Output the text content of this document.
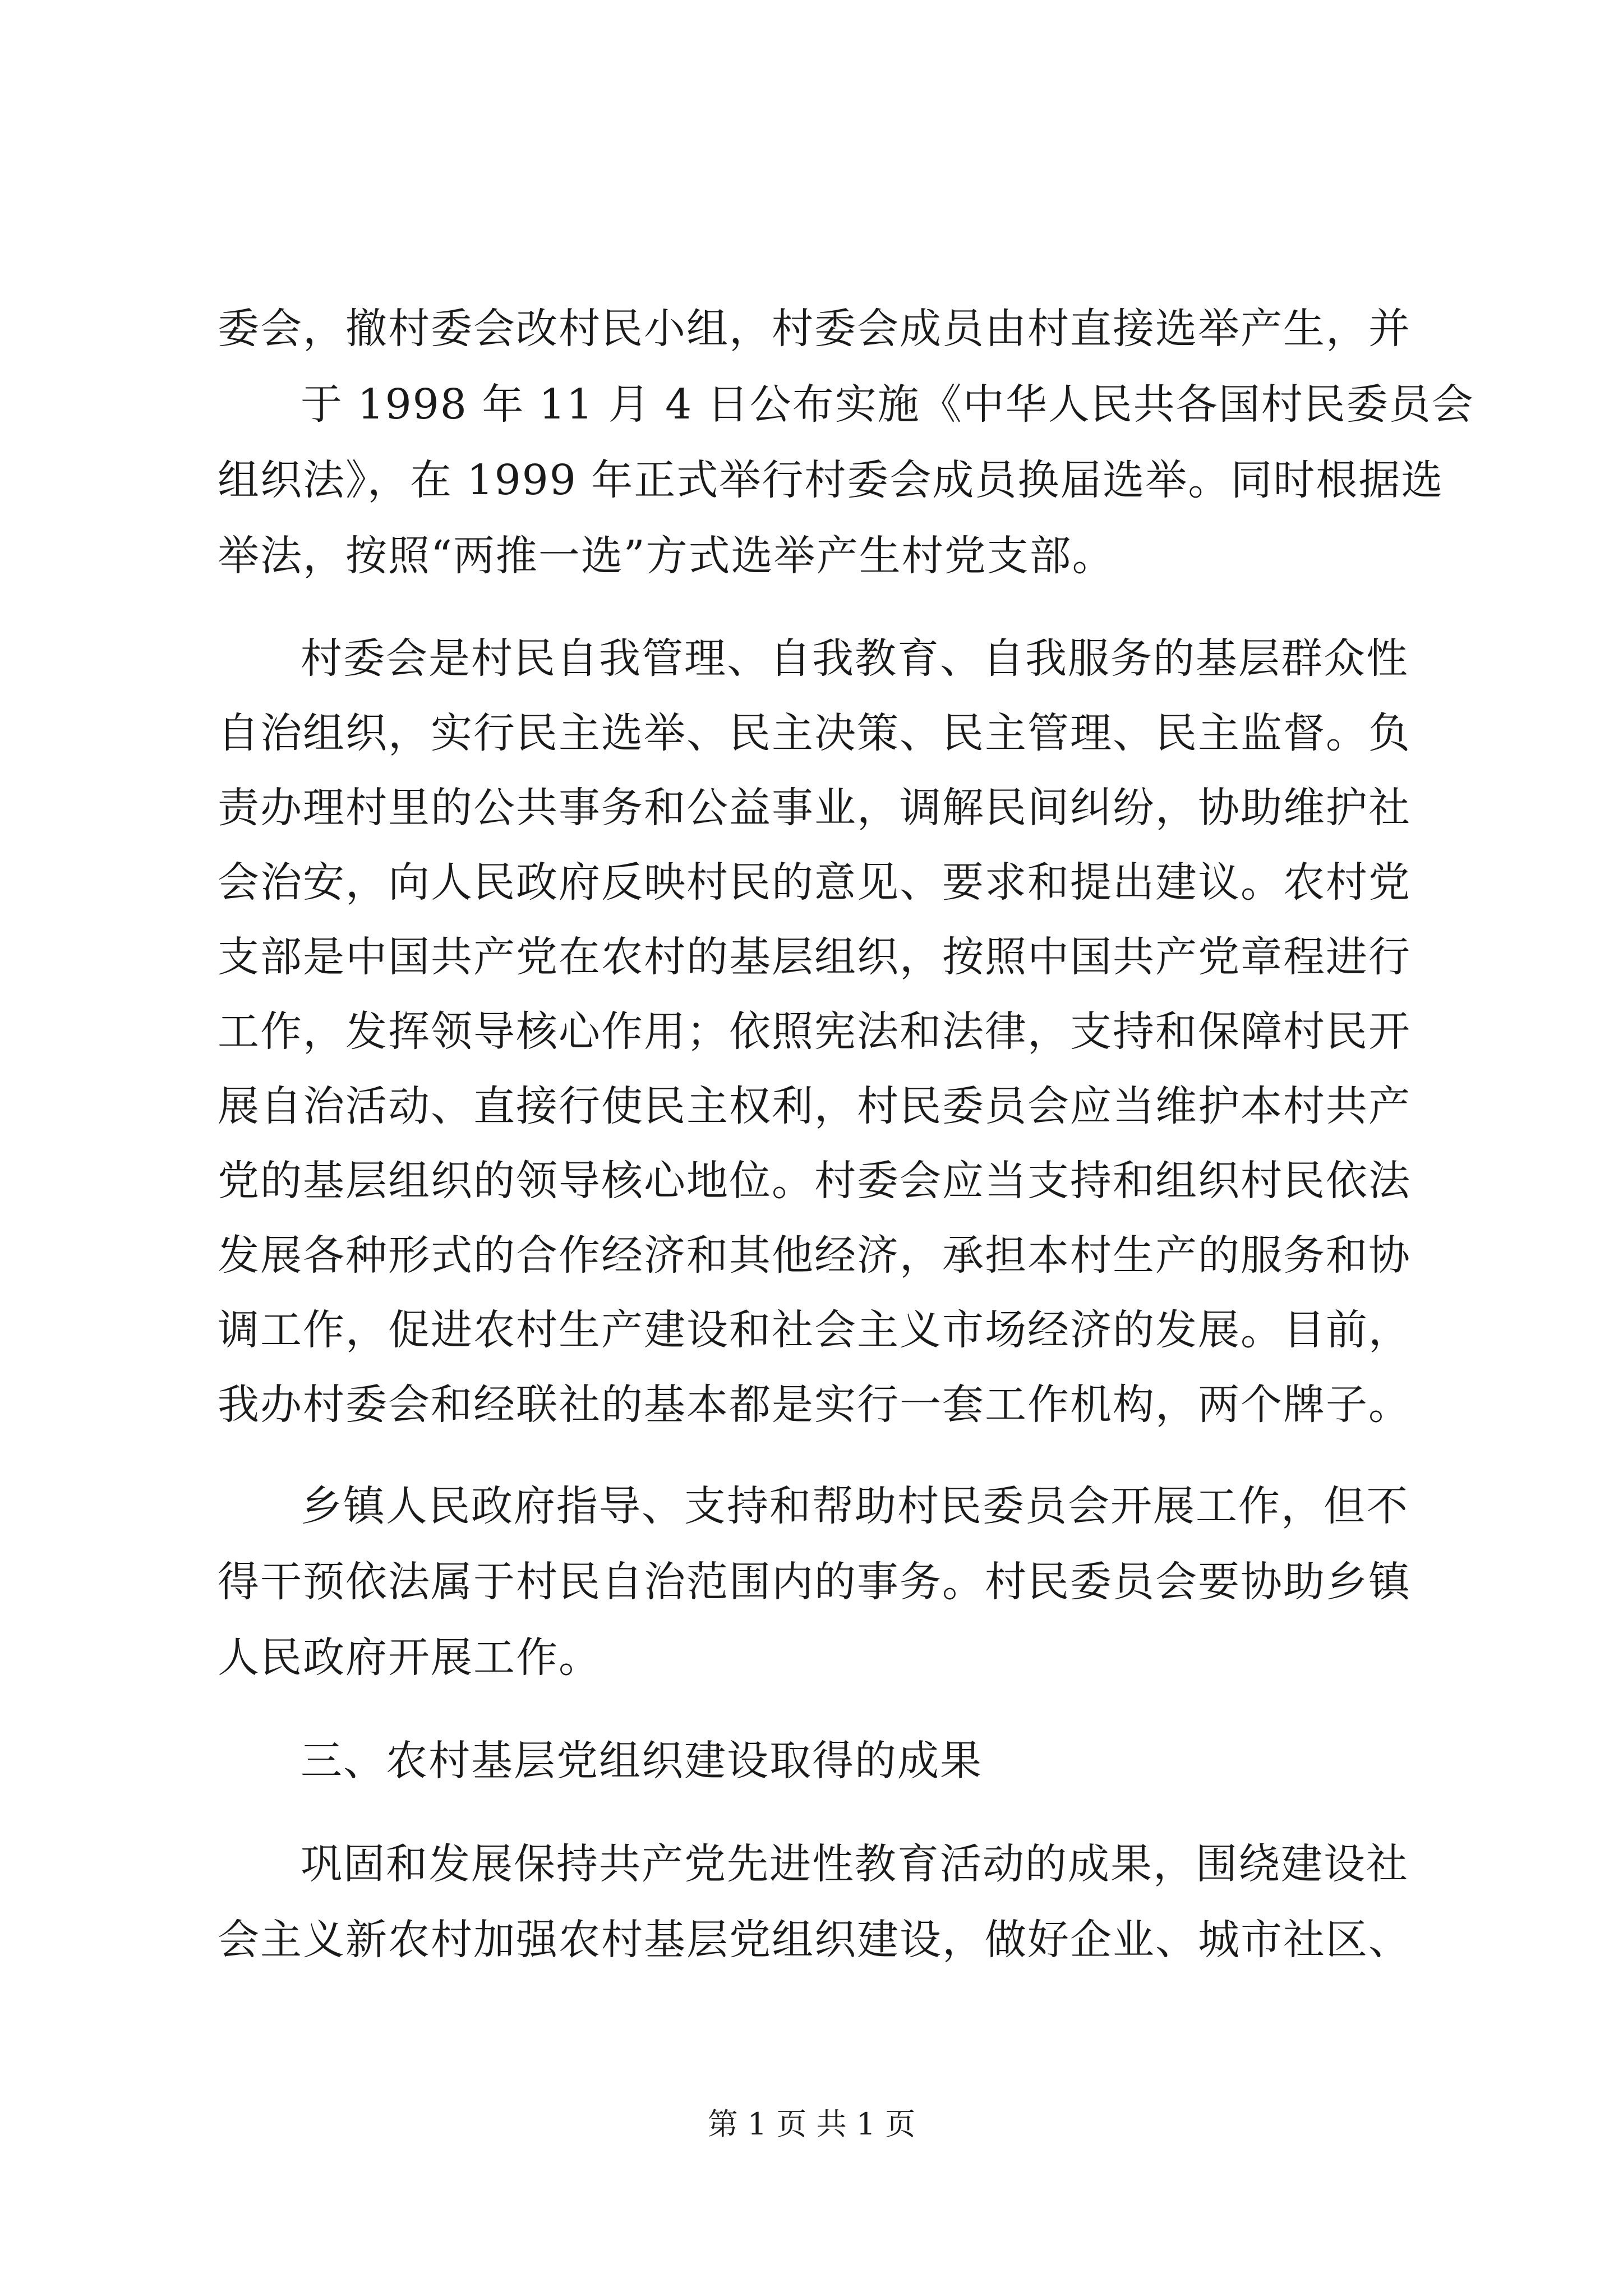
委会，撤村委会改村民小组，村委会成员由村直接选举产生，并
于 1998 年 11 月 4 日公布实施《中华人民共各国村民委员会
组织法》，在 1999 年正式举行村委会成员换届选举。同时根据选
举法，按照“两推一选”方式选举产生村党支部。
村委会是村民自我管理、自我教育、自我服务的基层群众性
自治组织，实行民主选举、民主决策、民主管理、民主监督。负
责办理村里的公共事务和公益事业，调解民间纠纷，协助维护社
会治安，向人民政府反映村民的意见、要求和提出建议。农村党
支部是中国共产党在农村的基层组织，按照中国共产党章程进行
工作，发挥领导核心作用；依照宪法和法律，支持和保障村民开
展自治活动、直接行使民主权利，村民委员会应当维护本村共产
党的基层组织的领导核心地位。村委会应当支持和组织村民依法
发展各种形式的合作经济和其他经济，承担本村生产的服务和协
调工作，促进农村生产建设和社会主义市场经济的发展。目前，
我办村委会和经联社的基本都是实行一套工作机构，两个牌子。
乡镇人民政府指导、支持和帮助村民委员会开展工作，但不
得干预依法属于村民自治范围内的事务。村民委员会要协助乡镇
人民政府开展工作。
三、农村基层党组织建设取得的成果
巩固和发展保持共产党先进性教育活动的成果，围绕建设社
会主义新农村加强农村基层党组织建设，做好企业、城市社区、
第 1 页 共 1 页
